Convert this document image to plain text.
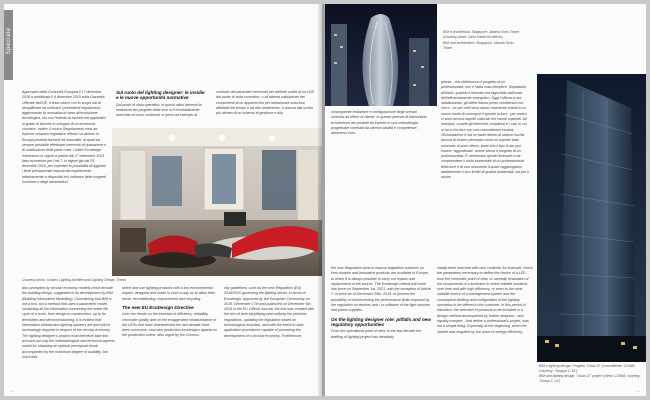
Speciale

Approvato dalla Comunità Europea il 17 dicembre 2018 e pubblicato il 9 dicembre 2019 sulla Gazzetta Ufficiale dell'UE, il testo nasce con lo scopo sia di semplificare ed unificare i precedenti regolamenti, aggiornando la normativa in base all'evoluzione tecnologica, sia con l'intento di avviare tuti applicativi in grado di favorire lo sviluppo di un economia circolare. Inoltre, il nuovo Regolamento mira ad imporre soluzioni legislative efficaci su abituro in Europa prodotti durevoli ed innovativi, ai quali sia sempre possibile effettuare interventi di riparazione e di sostituzione della parte rotta. I criteri Ecodesign entreranno in vigore a partire dal 1° settembre 2021 fatto eccezione per l'art.7, in vigore già dal 25 dicembre 2019, per impedire la possibilità di aggirare i limiti prestazionali imposti dal regolamento relativamente a dispositivi e/o software delle sorgenti luminose e degli alimentatori.

Sul ruolo del lighting designer: le insidie e le nuove opportunità normative

Dal punto di vista operativo, in questi ultimi decenni la redazione del progetto della luce si è inevitabilmente arricchita di nuovi contenuti: si pensi ad esempio al

controllo dei parametri necessari per definire scelte di un LED dal punto di vista cromatico, o all'attenta valutazione dei componenti di un apparecchio per selezionare soluzioni affidabili nel tempo e ad alto rendimento, o ancora alla scelta più idonea di un sistema di gestione e alla

Courtesy photo: Urbano Lighting Architectural Lighting Design, Trento

also prompted by circular economy models which include the building design, suggested in its development by BIM (Building Information Modelling). Considering that BIM is not a tool, but a method that uses a parametric model containing all the information concerning the entire life cycle of a work, from design to construction, up to its demolition and decommissioning, it is evident that information-introduction lighting systems are and will be increasingly required in respect of the circular economy. The lighting designer's project must therefore take into account not only the methodological and technical aspects useful for obtaining an optimal perceptual result, accompanied by the maximum degree of usability, but must also

select and use lighting products with a low environmental impact, designed and made in such a way as to allow their reuse, reconditioning, improvement and recycling.

The new EU EcoDesign Directive

Over the trends on the increase in efficiency, reliability, chromatic quality and on the exaggerated miniaturization of the LEDs that have characterized the last decade have been overcome, now new production ecodesigns appear on the production scene, also urged by the Commu-

nity guidelines, such as the new Regulation (EU) 2019/2020 governing the lighting sector, in terms of Ecodesign. Approved by the European Community on 2018, December 17th and published on December 5th, 2019 in the EU Official Journal, the text was created with the aim of both simplifying and unifying the previous regulations, updating the legislation based on technological evolution, and with the intent to start application procedures capable of promoting the development of a circular economy. Furthermore,

...
BIM e architettura: Singapore, Jakarta Soho Tower (courtesy photo: Zaha Hadid Architects)
BIM and architecture: Singapore, Jakarta Soho Tower

conseguente redazione e configurazione degli scenari luminosi da offrire al cliente. In questo periodo di transizione, la selezione dei prodotti da inserire in una metodologia progettuale correlata da ulteriori analisi e competenze - attraverso com-

plesse - che definiscono il progetto di un professionista, non è stata cosa semplice. Soprattutto all'inizio, quando il mercato era fagocitato dall'onda dell'efficientamento energetico. Oggi l'offerta si sta stabilizzando, gli utenti hanno preso confidenza con l'ed e - se per certi versi siamo realmente entrati in un nuovo modo di concepire e gestire la luce - per contro ci sono ancora aspetti culturali che vanno superati. Ad esempio, a parte gli interventi complessi e i casi in cui si ha a che fare con una committenza evoluta, l'illuminazione è sia un facile tiberto di utilizzo rischia ancora di essere percepita come un aspetto tutto sommato di poco rilievo, tanto che il tipo d'uso può essere "aggiudicata" anche senza il progetto di un professionista. È necessario quindi rinnovare e far comprendere il ruolo essenziale di un professionista della luce e di uno strumento il quale raggiungiamo adattamente il loro livello di qualità ambientali, sia per il nostro

the new Regulation aims to impose legislative solutions on their durable and innovative products are available in Europe, to which it is always possible to carry out repairs and replacement of the source. The Ecodesign criteria will come into force on September 1st, 2021, with the exception of Article 7, in force as of December 25th, 2019, to prevent the possibility of circumventing the performance limits imposed by the regulation on devices and / or software of the light sources and power supplies.

On the lighting designer role: pitfalls and new regulatory opportunities

From the operational point of view, in the last decade the drafting of lighting project has inevitably

vitably been enriched with new contents: for example, check the parameters necessary to define the choice of a LED from the chromatic point of view, or carefully evaluation of the components of a luminaire to select reliable solutions over time and with high efficiency, or even to the most suitable choice of a management system and the consequent drafting and configuration of the lighting scenarios to be offered to the customer. In this period of transition, the selection of products to be included in a design method accompanied by further analyses - and equally complex - that define a professional's project, was not a simple thing. Especially at the beginning, when the market was engulfed by the wave of energy efficiency.

BIM e lighting design: Progetto "Gioia 22" (committente: COIMA Courtesy: "Gruppo C 14")
BIM and lighting design: "Gioia 22" project (client: COIMA, courtesy: "Group C 14")
...
